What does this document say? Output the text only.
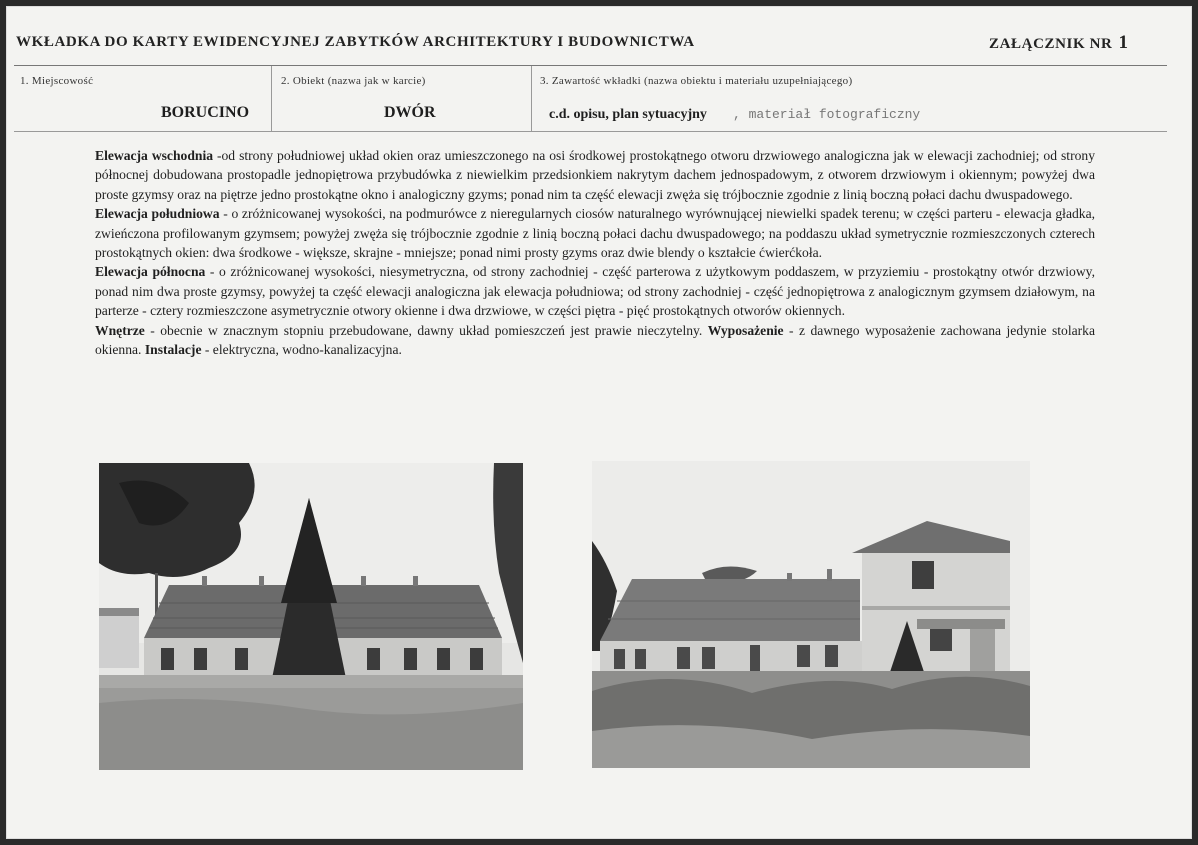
WKŁADKA DO KARTY EWIDENCYJNEJ ZABYTKÓW ARCHITEKTURY I BUDOWNICTWA	ZAŁĄCZNIK NR 1
1. Miejscowość
BORUCINO
2. Obiekt (nazwa jak w karcie)
DWÓR
3. Zawartość wkładki (nazwa obiektu i materiału uzupełniającego)
c.d. opisu, plan sytuacyjny , materiał fotograficzny

Elewacja wschodnia -od strony południowej układ okien oraz umieszczonego na osi środkowej prostokątnego otworu drzwiowego analogiczna jak w elewacji zachodniej; od strony północnej dobudowana prostopadle jednopiętrowa przybudówka z niewielkim przedsionkiem nakrytym dachem jednospadowym, z otworem drzwiowym i okiennym; powyżej dwa proste gzymsy oraz na piętrze jedno prostokątne okno i analogiczny gzyms; ponad nim ta część elewacji zwęża się trójbocznie zgodnie z linią boczną połaci dachu dwuspadowego.

Elewacja południowa - o zróżnicowanej wysokości, na podmurówce z nieregularnych ciosów naturalnego wyrównującej niewielki spadek terenu; w części parteru - elewacja gładka, zwieńczona profilowanym gzymsem; powyżej zwęża się trójbocznie zgodnie z linią boczną połaci dachu dwuspadowego; na poddaszu układ symetrycznie rozmieszczonych czterech prostokątnych okien: dwa środkowe - większe, skrajne - mniejsze; ponad nimi prosty gzyms oraz dwie blendy o kształcie ćwierćkoła.

Elewacja północna - o zróżnicowanej wysokości, niesymetryczna, od strony zachodniej - część parterowa z użytkowym poddaszem, w przyziemiu - prostokątny otwór drzwiowy, ponad nim dwa proste gzymsy, powyżej ta część elewacji analogiczna jak elewacja południowa; od strony zachodniej - część jednopiętrowa z analogicznym gzymsem działowym, na parterze - cztery rozmieszczone asymetrycznie otwory okienne i dwa drzwiowe, w części piętra - pięć prostokątnych otworów okiennych.

Wnętrze - obecnie w znacznym stopniu przebudowane, dawny układ pomieszczeń jest prawie nieczytelny. Wyposażenie - z dawnego wyposażenie zachowana jedynie stolarka okienna. Instalacje - elektryczna, wodno-kanalizacyjna.
